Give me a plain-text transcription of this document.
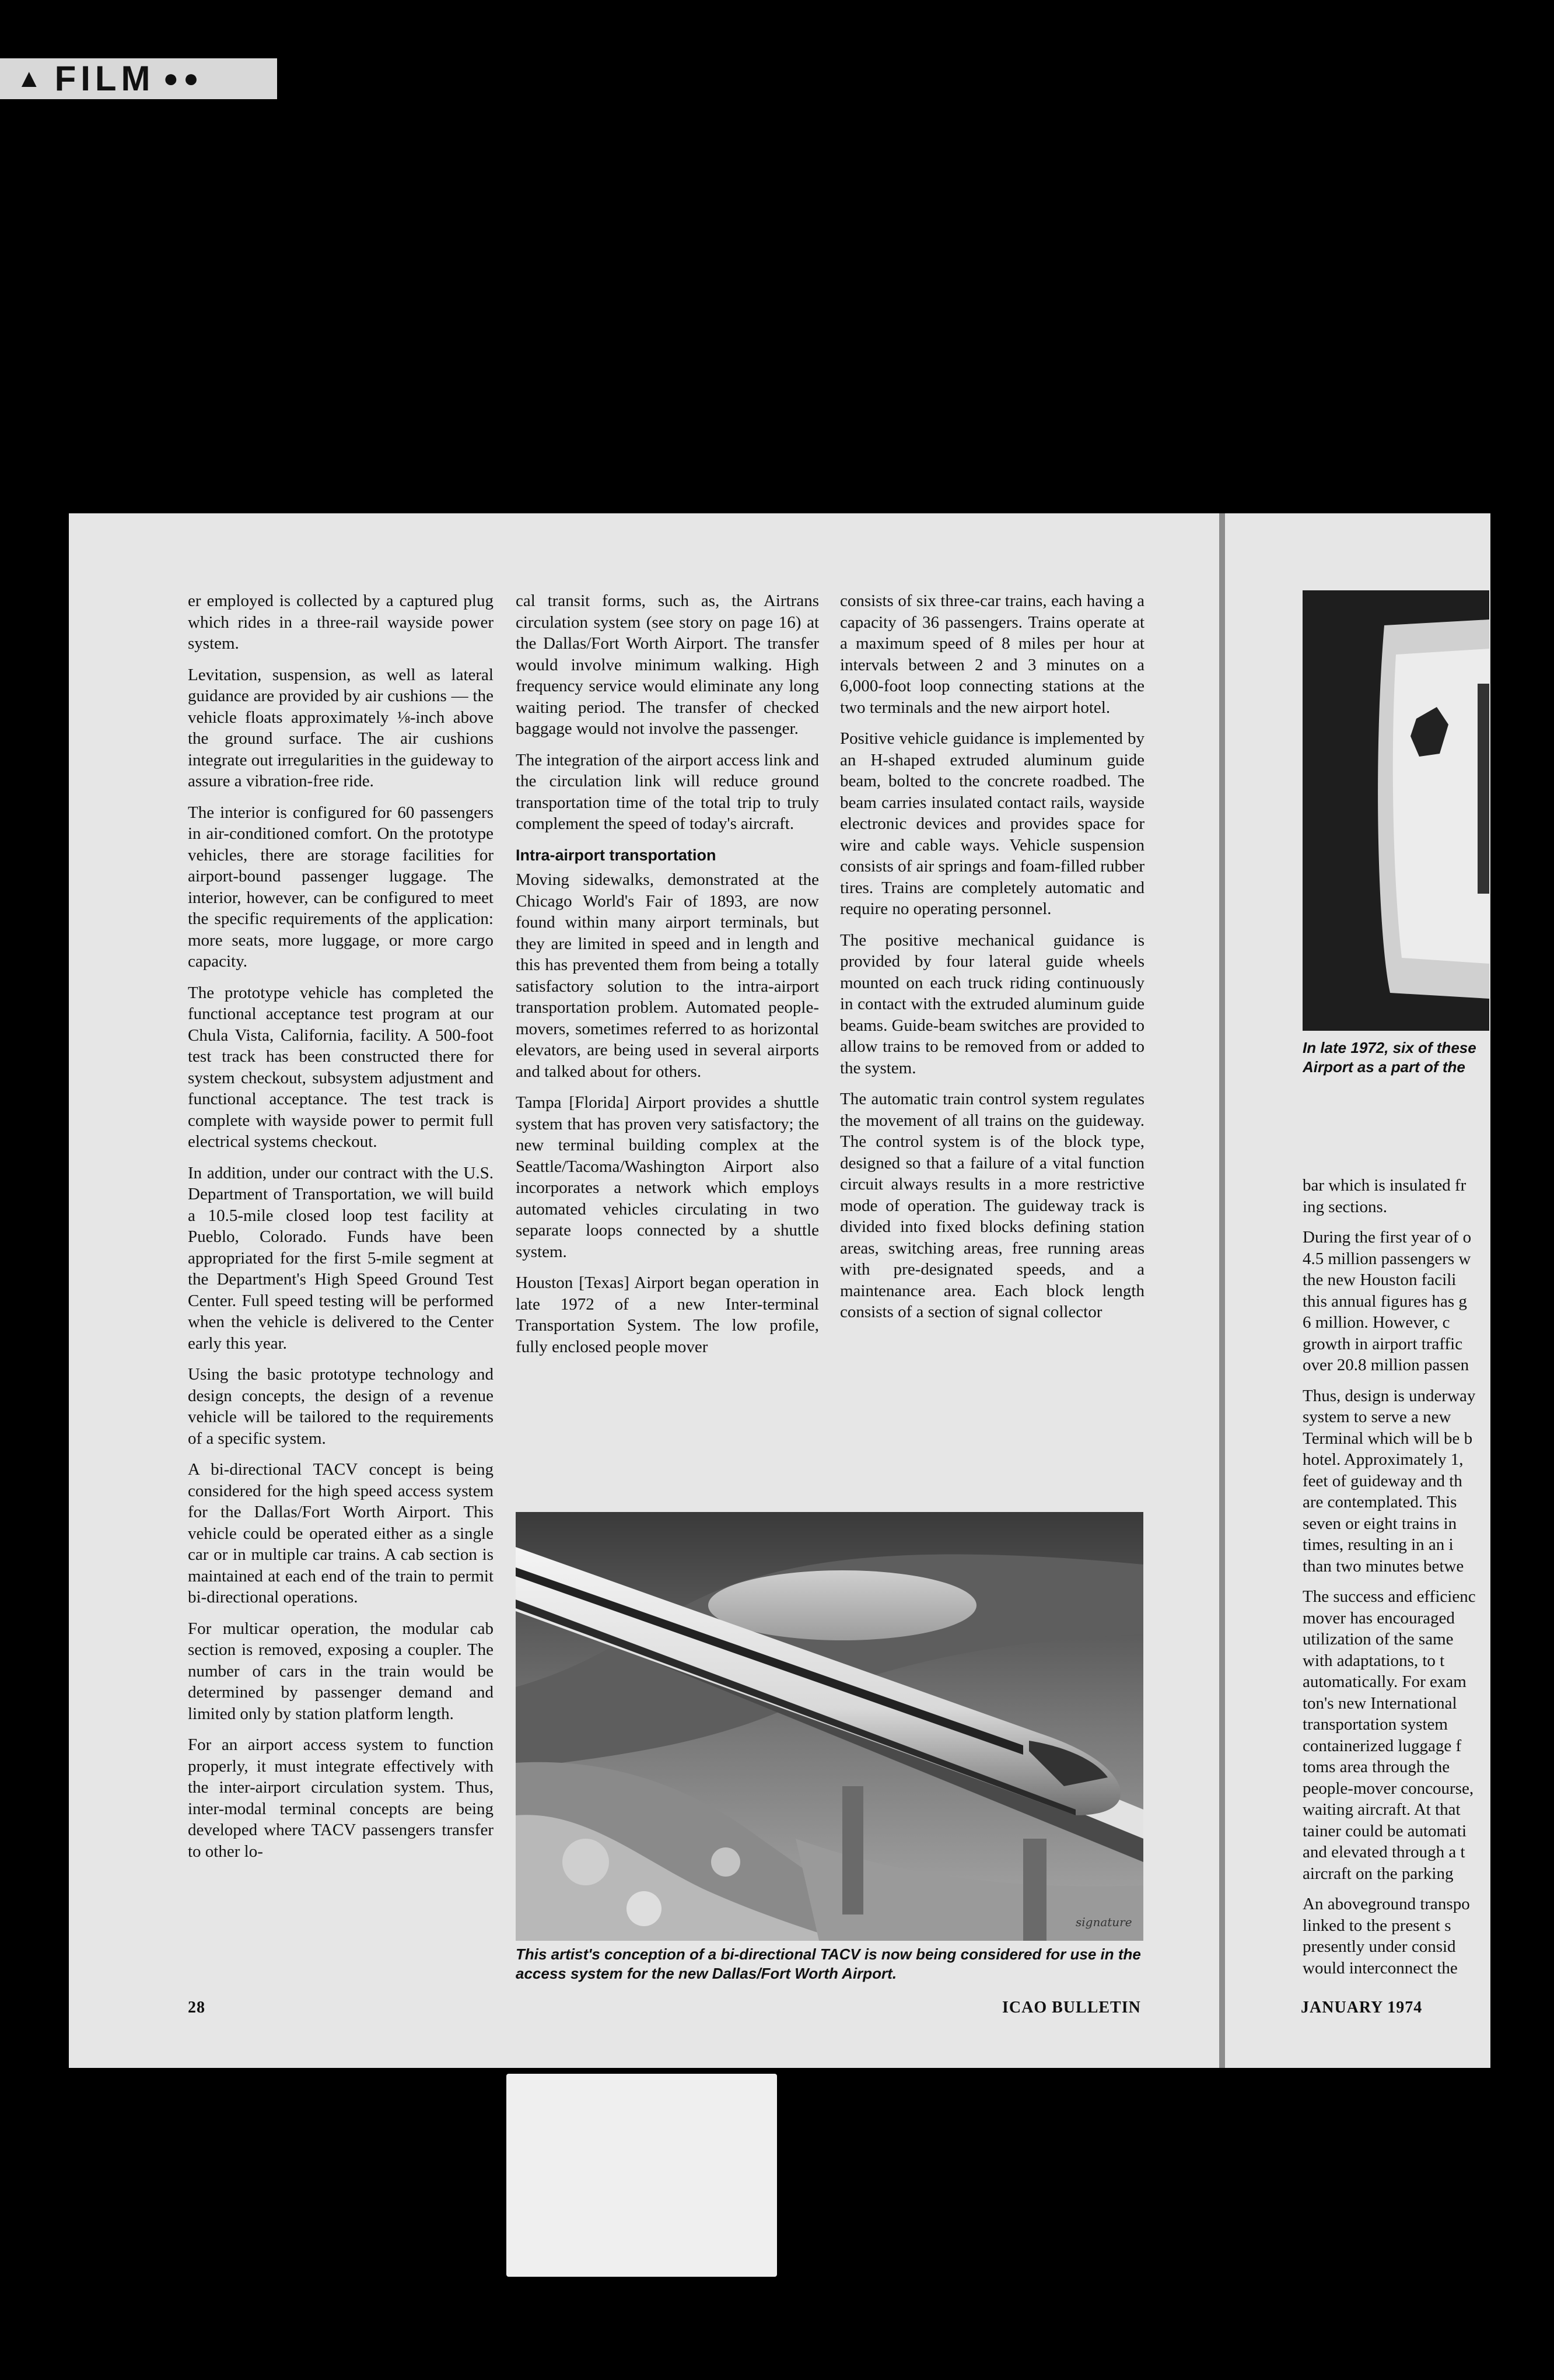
▲ FILM ●●

er employed is collected by a captured plug which rides in a three-rail wayside power system.

Levitation, suspension, as well as lateral guidance are provided by air cushions — the vehicle floats approximately ⅛-inch above the ground surface. The air cushions integrate out irregularities in the guideway to assure a vibration-free ride.

The interior is configured for 60 passengers in air-conditioned comfort. On the prototype vehicles, there are storage facilities for airport-bound passenger luggage. The interior, however, can be configured to meet the specific requirements of the application: more seats, more luggage, or more cargo capacity.

The prototype vehicle has completed the functional acceptance test program at our Chula Vista, California, facility. A 500-foot test track has been constructed there for system checkout, subsystem adjustment and functional acceptance. The test track is complete with wayside power to permit full electrical systems checkout.

In addition, under our contract with the U.S. Department of Transportation, we will build a 10.5-mile closed loop test facility at Pueblo, Colorado. Funds have been appropriated for the first 5-mile segment at the Department's High Speed Ground Test Center. Full speed testing will be performed when the vehicle is delivered to the Center early this year.

Using the basic prototype technology and design concepts, the design of a revenue vehicle will be tailored to the requirements of a specific system.

A bi-directional TACV concept is being considered for the high speed access system for the Dallas/Fort Worth Airport. This vehicle could be operated either as a single car or in multiple car trains. A cab section is maintained at each end of the train to permit bi-directional operations.

For multicar operation, the modular cab section is removed, exposing a coupler. The number of cars in the train would be determined by passenger demand and limited only by station platform length.

For an airport access system to function properly, it must integrate effectively with the inter-airport circulation system. Thus, inter-modal terminal concepts are being developed where TACV passengers transfer to other lo-

cal transit forms, such as, the Airtrans circulation system (see story on page 16) at the Dallas/Fort Worth Airport. The transfer would involve minimum walking. High frequency service would eliminate any long waiting period. The transfer of checked baggage would not involve the passenger.

The integration of the airport access link and the circulation link will reduce ground transportation time of the total trip to truly complement the speed of today's aircraft.

Intra-airport transportation

Moving sidewalks, demonstrated at the Chicago World's Fair of 1893, are now found within many airport terminals, but they are limited in speed and in length and this has prevented them from being a totally satisfactory solution to the intra-airport transportation problem. Automated people-movers, sometimes referred to as horizontal elevators, are being used in several airports and talked about for others.

Tampa [Florida] Airport provides a shuttle system that has proven very satisfactory; the new terminal building complex at the Seattle/Tacoma/Washington Airport also incorporates a network which employs automated vehicles circulating in two separate loops connected by a shuttle system.

Houston [Texas] Airport began operation in late 1972 of a new Inter-terminal Transportation System. The low profile, fully enclosed people mover

consists of six three-car trains, each having a capacity of 36 passengers. Trains operate at a maximum speed of 8 miles per hour at intervals between 2 and 3 minutes on a 6,000-foot loop connecting stations at the two terminals and the new airport hotel.

Positive vehicle guidance is implemented by an H-shaped extruded aluminum guide beam, bolted to the concrete roadbed. The beam carries insulated contact rails, wayside electronic devices and provides space for wire and cable ways. Vehicle suspension consists of air springs and foam-filled rubber tires. Trains are completely automatic and require no operating personnel.

The positive mechanical guidance is provided by four lateral guide wheels mounted on each truck riding continuously in contact with the extruded aluminum guide beams. Guide-beam switches are provided to allow trains to be removed from or added to the system.

The automatic train control system regulates the movement of all trains on the guideway. The control system is of the block type, designed so that a failure of a vital function circuit always results in a more restrictive mode of operation. The guideway track is divided into fixed blocks defining station areas, switching areas, free running areas with pre-designated speeds, and a maintenance area. Each block length consists of a section of signal collector

signature
This artist's conception of a bi-directional TACV is now being considered for use in the access system for the new Dallas/Fort Worth Airport.
28	ICAO BULLETIN	JANUARY 1974
In late 1972, six of these
Airport as a part of the
bar which is insulated fr
ing sections.
During the first year of o
4.5 million passengers w
the new Houston facili
this annual figures has g
6 million. However, c
growth in airport traffic
over 20.8 million passen
Thus, design is underway
system to serve a new
Terminal which will be b
hotel. Approximately 1,
feet of guideway and th
are contemplated. This
seven or eight trains in
times, resulting in an i
than two minutes betwe
The success and efficienc
mover has encouraged
utilization of the same
with adaptations, to t
automatically. For exam
ton's new International
transportation system
containerized luggage f
toms area through the
people-mover concourse,
waiting aircraft. At that
tainer could be automati
and elevated through a t
aircraft on the parking
An aboveground transpo
linked to the present s
presently under consid
would interconnect the
